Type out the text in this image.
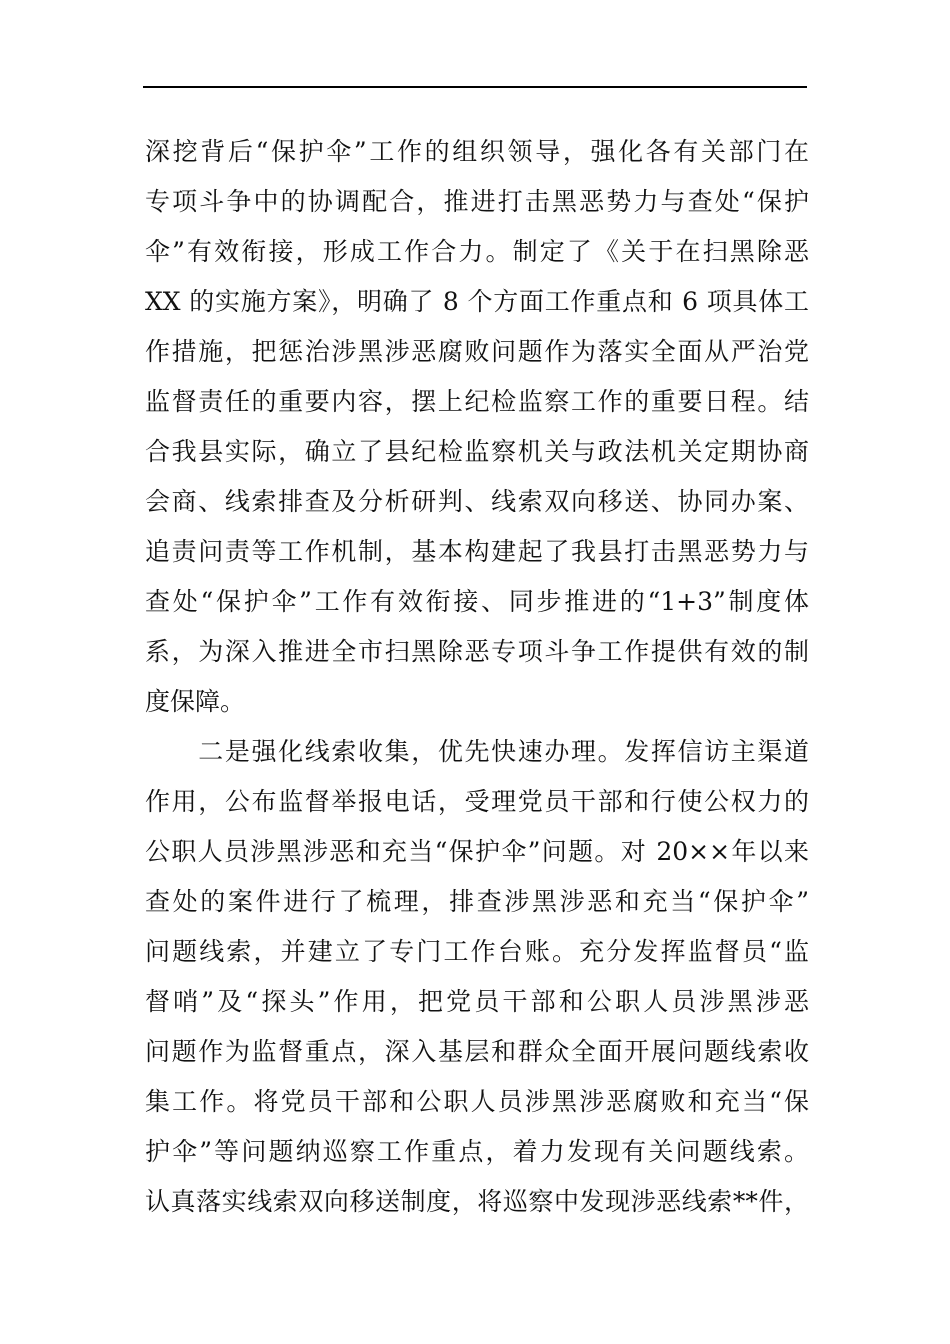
深挖背后“保护伞”工作的组织领导，强化各有关部门在
专项斗争中的协调配合，推进打击黑恶势力与查处“保护
伞”有效衔接，形成工作合力。制定了《关于在扫黑除恶
XX 的实施方案》，明确了 8 个方面工作重点和 6 项具体工
作措施，把惩治涉黑涉恶腐败问题作为落实全面从严治党
监督责任的重要内容，摆上纪检监察工作的重要日程。结
合我县实际，确立了县纪检监察机关与政法机关定期协商
会商、线索排查及分析研判、线索双向移送、协同办案、
追责问责等工作机制，基本构建起了我县打击黑恶势力与
查处“保护伞”工作有效衔接、同步推进的“1+3”制度体
系，为深入推进全市扫黑除恶专项斗争工作提供有效的制
度保障。
　　二是强化线索收集，优先快速办理。发挥信访主渠道
作用，公布监督举报电话，受理党员干部和行使公权力的
公职人员涉黑涉恶和充当“保护伞”问题。对 20××年以来
查处的案件进行了梳理，排查涉黑涉恶和充当“保护伞”
问题线索，并建立了专门工作台账。充分发挥监督员“监
督哨”及“探头”作用，把党员干部和公职人员涉黑涉恶
问题作为监督重点，深入基层和群众全面开展问题线索收
集工作。将党员干部和公职人员涉黑涉恶腐败和充当“保
护伞”等问题纳巡察工作重点，着力发现有关问题线索。
认真落实线索双向移送制度，将巡察中发现涉恶线索**件，
